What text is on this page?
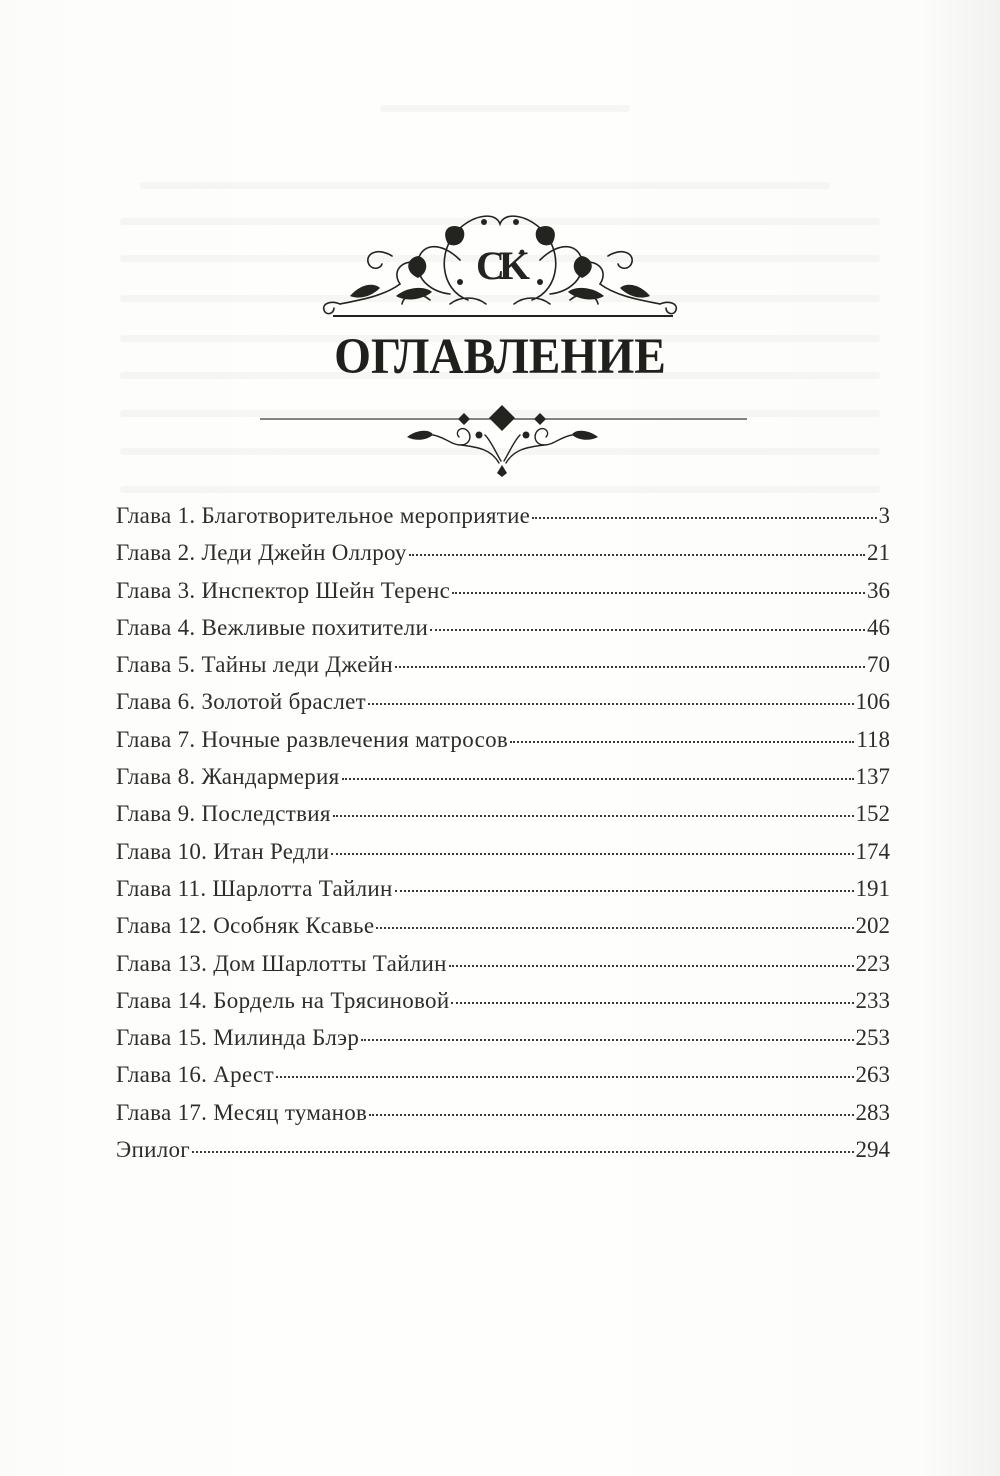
CK
ОГЛАВЛЕНИЕ
Глава 1. Благотворительное мероприятие	3
Глава 2. Леди Джейн Оллроу	21
Глава 3. Инспектор Шейн Теренс	36
Глава 4. Вежливые похитители	46
Глава 5. Тайны леди Джейн	70
Глава 6. Золотой браслет	106
Глава 7. Ночные развлечения матросов	118
Глава 8. Жандармерия	137
Глава 9. Последствия	152
Глава 10. Итан Редли	174
Глава 11. Шарлотта Тайлин	191
Глава 12. Особняк Ксавье	202
Глава 13. Дом Шарлотты Тайлин	223
Глава 14. Бордель на Трясиновой	233
Глава 15. Милинда Блэр	253
Глава 16. Арест	263
Глава 17. Месяц туманов	283
Эпилог	294
